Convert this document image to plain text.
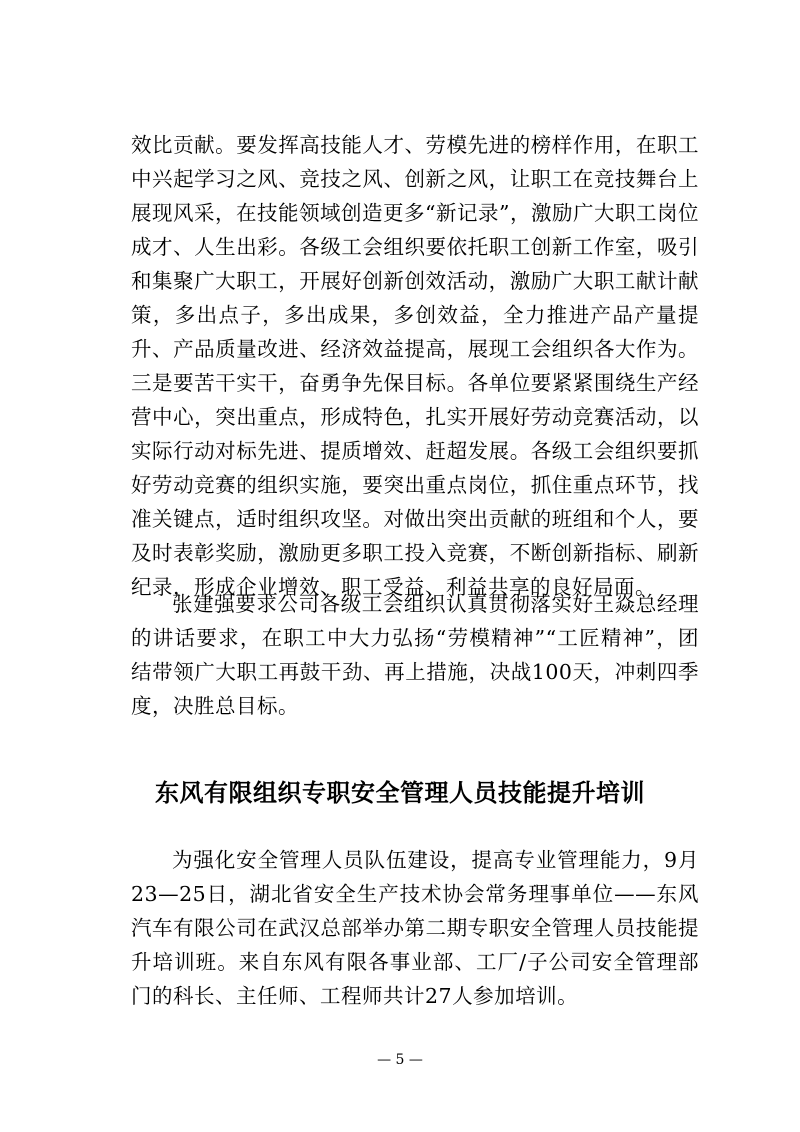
效比贡献。要发挥高技能人才、劳模先进的榜样作用，在职工中兴起学习之风、竞技之风、创新之风，让职工在竞技舞台上展现风采，在技能领域创造更多“新记录”，激励广大职工岗位成才、人生出彩。各级工会组织要依托职工创新工作室，吸引和集聚广大职工，开展好创新创效活动，激励广大职工献计献策，多出点子，多出成果，多创效益，全力推进产品产量提升、产品质量改进、经济效益提高，展现工会组织各大作为。三是要苦干实干，奋勇争先保目标。各单位要紧紧围绕生产经营中心，突出重点，形成特色，扎实开展好劳动竞赛活动，以实际行动对标先进、提质增效、赶超发展。各级工会组织要抓好劳动竞赛的组织实施，要突出重点岗位，抓住重点环节，找准关键点，适时组织攻坚。对做出突出贡献的班组和个人，要及时表彰奖励，激励更多职工投入竞赛，不断创新指标、刷新纪录，形成企业增效、职工受益、利益共享的良好局面。

张建强要求公司各级工会组织认真贯彻落实好王焱总经理的讲话要求，在职工中大力弘扬“劳模精神”“工匠精神”，团结带领广大职工再鼓干劲、再上措施，决战100天，冲刺四季度，决胜总目标。

东风有限组织专职安全管理人员技能提升培训

为强化安全管理人员队伍建设，提高专业管理能力，9月23—25日，湖北省安全生产技术协会常务理事单位——东风汽车有限公司在武汉总部举办第二期专职安全管理人员技能提升培训班。来自东风有限各事业部、工厂/子公司安全管理部门的科长、主任师、工程师共计27人参加培训。

— 5 —
